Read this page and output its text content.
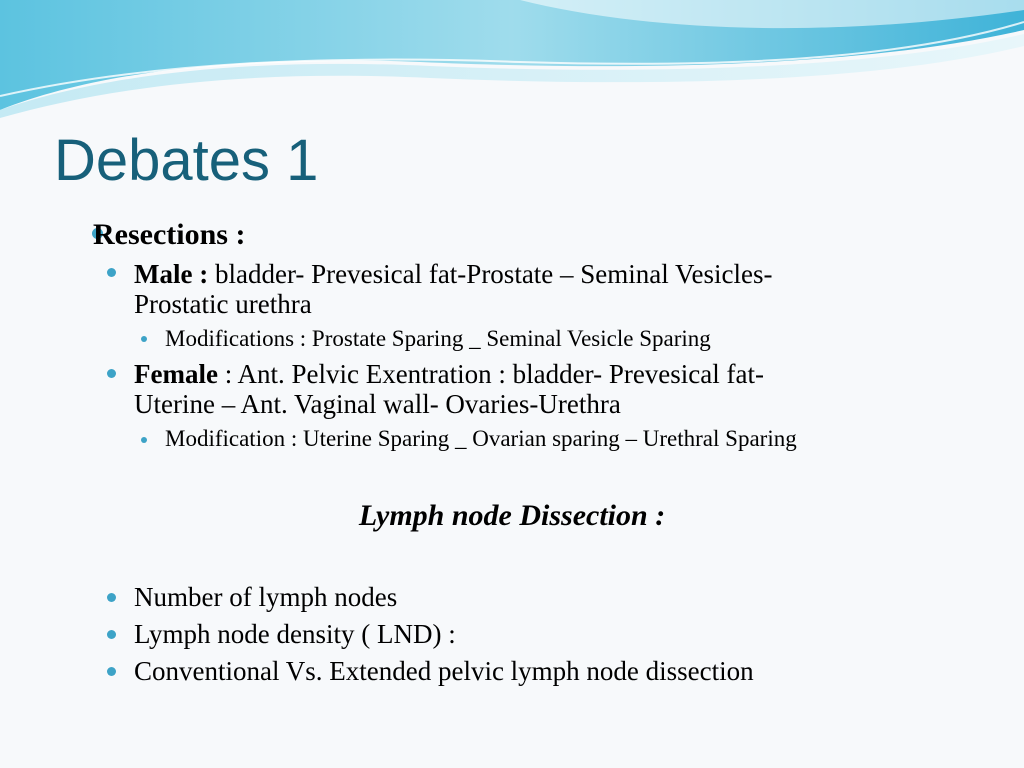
Debates 1
Resections :
Male : bladder- Prevesical fat-Prostate – Seminal Vesicles-
Prostatic urethra
Modifications : Prostate Sparing _ Seminal Vesicle Sparing
Female : Ant. Pelvic Exentration : bladder- Prevesical fat-
Uterine – Ant. Vaginal wall- Ovaries-Urethra
Modification : Uterine Sparing _ Ovarian sparing – Urethral Sparing
Lymph node Dissection :
Number of lymph nodes
Lymph node density ( LND) :
Conventional Vs. Extended pelvic lymph node dissection
